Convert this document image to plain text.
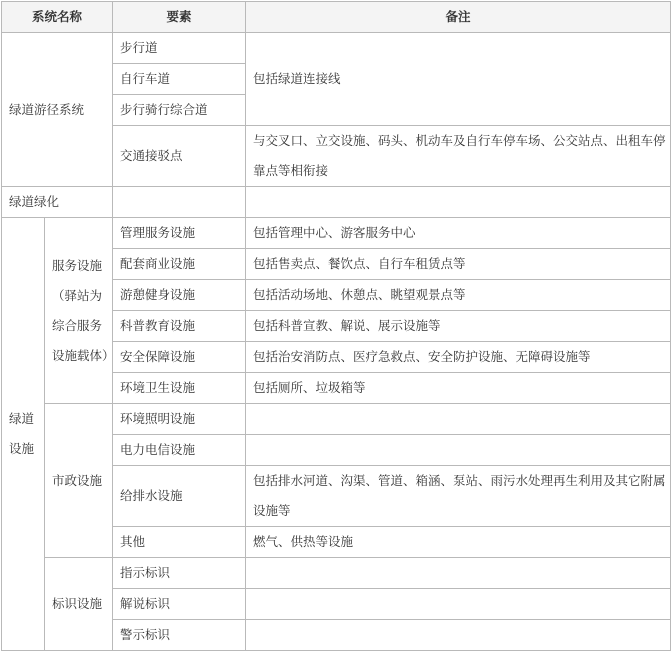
系统名称		要素	备注
绿道游径系统		步行道	包括绿道连接线
		自行车道	
		步行骑行综合道	
		交通接驳点	与交叉口、立交设施、码头、机动车及自行车停车场、公交站点、出租车停靠点等相衔接
绿道绿化			
绿道设施	服务设施（驿站为综合服务设施载体）	管理服务设施	包括管理中心、游客服务中心
		配套商业设施	包括售卖点、餐饮点、自行车租赁点等
		游憩健身设施	包括活动场地、休憩点、眺望观景点等
		科普教育设施	包括科普宣教、解说、展示设施等
		安全保障设施	包括治安消防点、医疗急救点、安全防护设施、无障碍设施等
		环境卫生设施	包括厕所、垃圾箱等
	市政设施	环境照明设施	
		电力电信设施	
		给排水设施	包括排水河道、沟渠、管道、箱涵、泵站、雨污水处理再生利用及其它附属设施等
		其他	燃气、供热等设施
	标识设施	指示标识	
		解说标识	
		警示标识	
